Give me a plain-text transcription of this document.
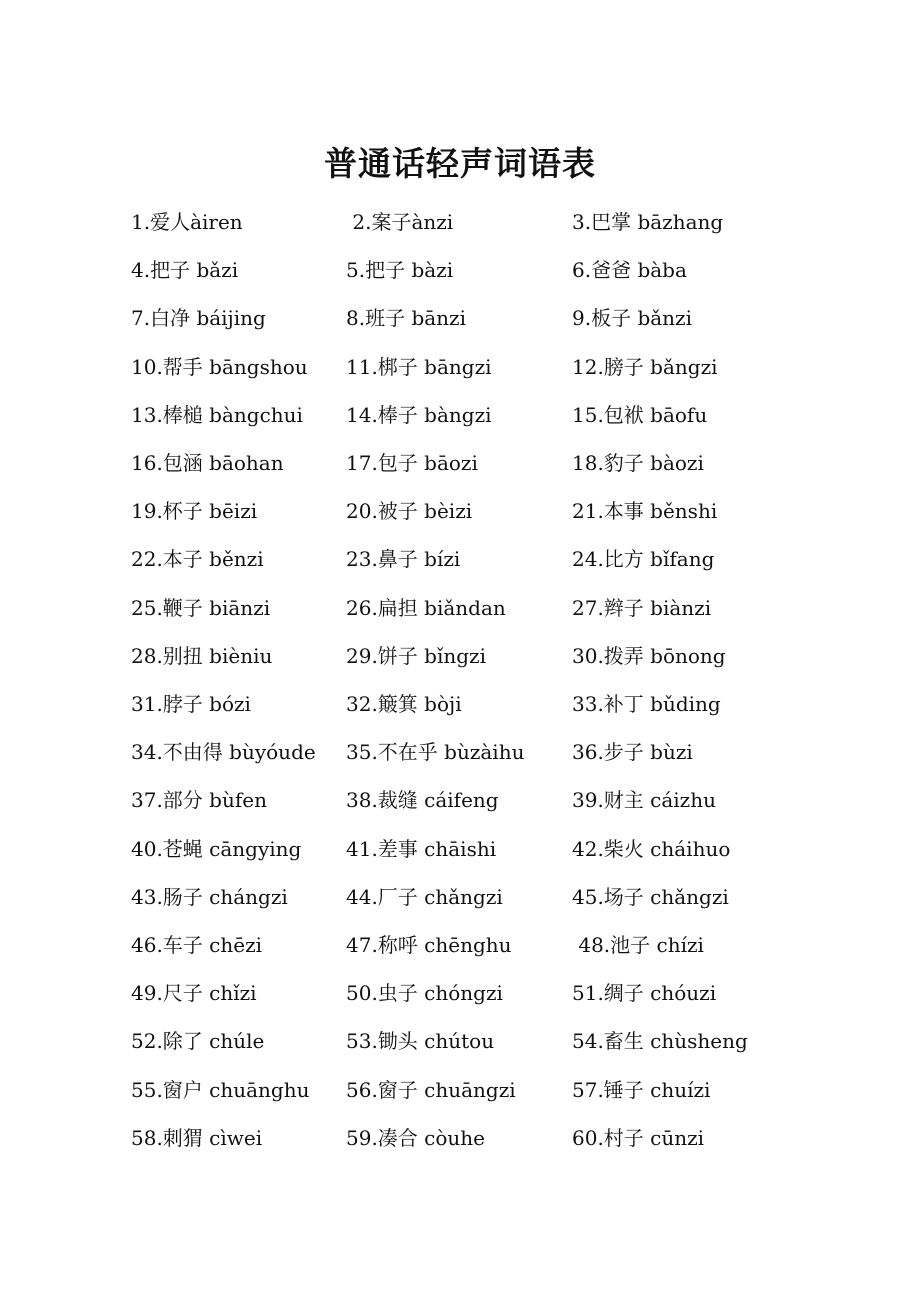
普通话轻声词语表
1.爱人àiren	2.案子ànzi	3.巴掌 bāzhang
4.把子 bǎzi	5.把子 bàzi	6.爸爸 bàba
7.白净 báijing	8.班子 bānzi	9.板子 bǎnzi
10.帮手 bāngshou 11.梆子 bāngzi	12.膀子 bǎngzi
13.棒槌 bàngchui 14.棒子 bàngzi	15.包袱 bāofu
16.包涵 bāohan	17.包子 bāozi	18.豹子 bàozi
19.杯子 bēizi	20.被子 bèizi	21.本事 běnshi
22.本子 běnzi	23.鼻子 bízi	24.比方 bǐfang
25.鞭子 biānzi	26.扁担 biǎndan	27.辫子 biànzi
28.别扭 bièniu	29.饼子 bǐngzi	30.拨弄 bōnong
31.脖子 bózi	32.簸箕 bòji	33.补丁 bǔding
34.不由得 bùyóude 35.不在乎 bùzàihu 36.步子 bùzi
37.部分 bùfen	38.裁缝 cáifeng	39.财主 cáizhu
40.苍蝇 cāngying 41.差事 chāishi	42.柴火 cháihuo
43.肠子 chángzi	44.厂子 chǎngzi	45.场子 chǎngzi
46.车子 chēzi	47.称呼 chēnghu	48.池子 chízi
49.尺子 chǐzi	50.虫子 chóngzi	51.绸子 chóuzi
52.除了 chúle	53.锄头 chútou	54.畜生 chùsheng
55.窗户 chuānghu 56.窗子 chuāngzi	57.锤子 chuízi
58.刺猬 cìwei	59.凑合 còuhe	60.村子 cūnzi
